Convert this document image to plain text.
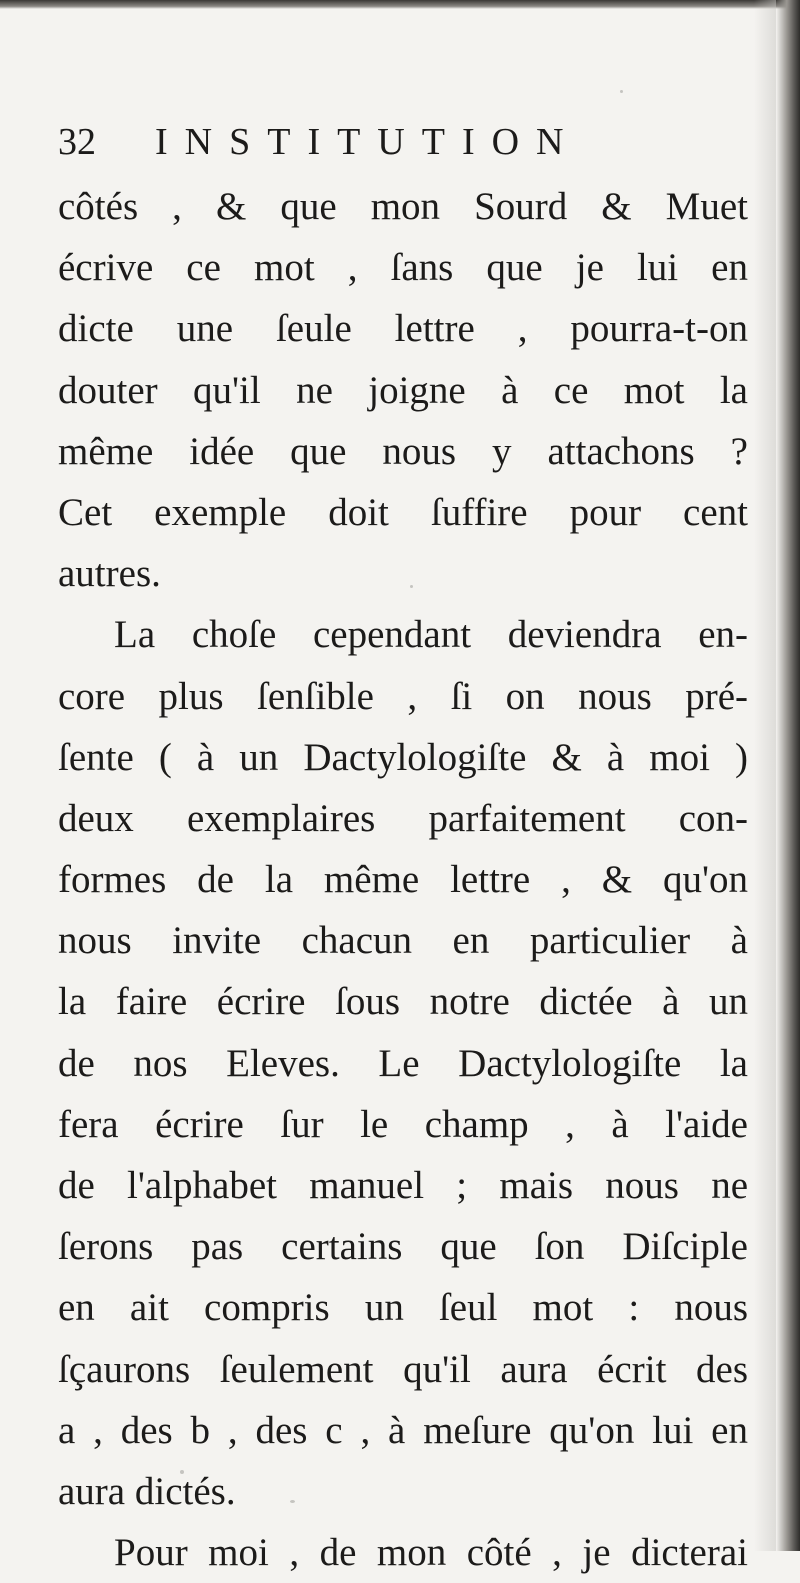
32 INSTITUTION
côtés , & que mon Sourd & Muet
écrive ce mot , ſans que je lui en
dicte une ſeule lettre , pourra-t-on
douter qu'il ne joigne à ce mot la
même idée que nous y attachons ?
Cet exemple doit ſuffire pour cent
autres.
La choſe cependant deviendra en-
core plus ſenſible , ſi on nous pré-
ſente ( à un Dactylologiſte & à moi )
deux exemplaires parfaitement con-
formes de la même lettre , & qu'on
nous invite chacun en particulier à
la faire écrire ſous notre dictée à un
de nos Eleves. Le Dactylologiſte la
fera écrire ſur le champ , à l'aide
de l'alphabet manuel ; mais nous ne
ſerons pas certains que ſon Diſciple
en ait compris un ſeul mot : nous
ſçaurons ſeulement qu'il aura écrit des
a , des b , des c , à meſure qu'on lui en
aura dictés.
Pour moi , de mon côté , je dicterai
